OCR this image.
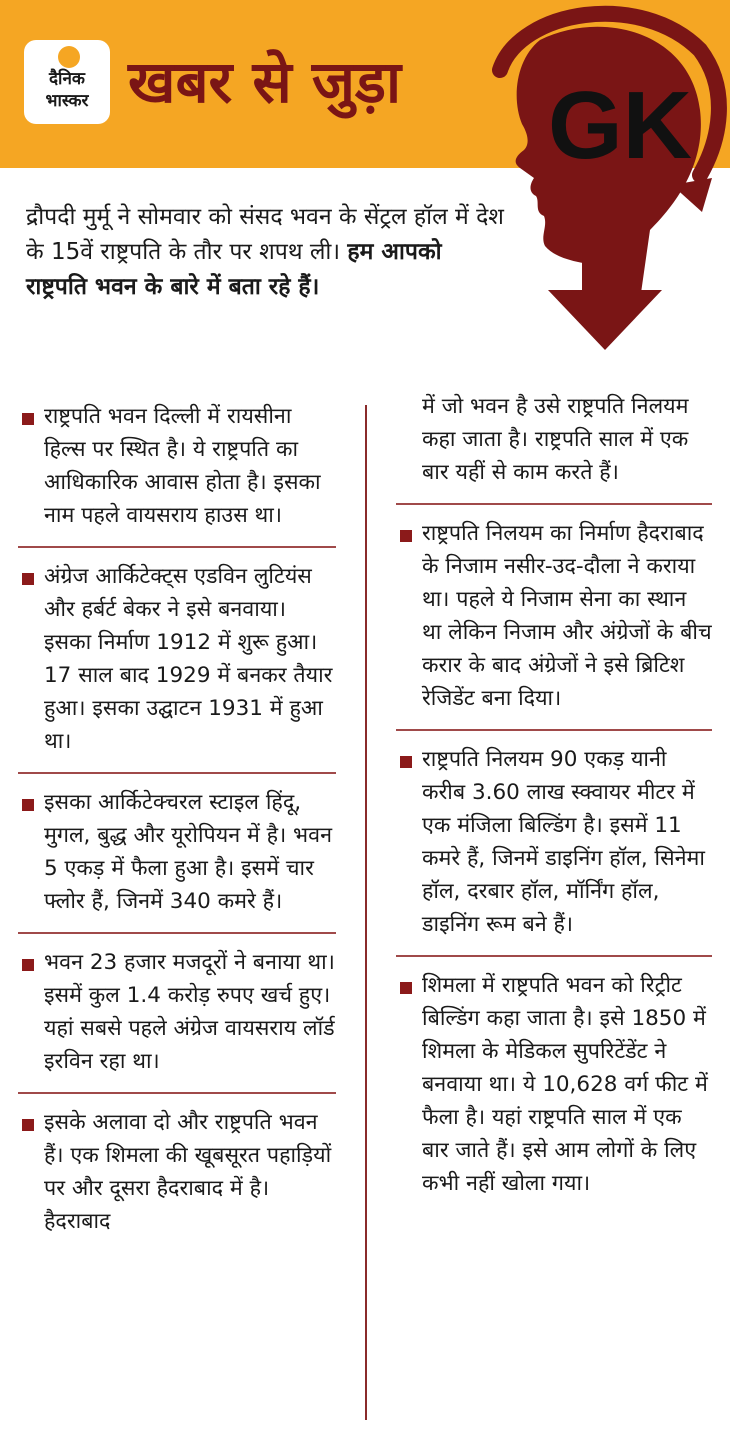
GK
दैनिक
भास्कर खबर से जुड़ा

द्रौपदी मुर्मू ने सोमवार को संसद भवन के सेंट्रल हॉल में देश के 15वें राष्ट्रपति के तौर पर शपथ ली। हम आपको राष्ट्रपति भवन के बारे में बता रहे हैं।

राष्ट्रपति भवन दिल्ली में रायसीना हिल्स पर स्थित है। ये राष्ट्रपति का आधिकारिक आवास होता है। इसका नाम पहले वायसराय हाउस था।
अंग्रेज आर्किटेक्ट्स एडविन लुटियंस और हर्बर्ट बेकर ने इसे बनवाया। इसका निर्माण 1912 में शुरू हुआ। 17 साल बाद 1929 में बनकर तैयार हुआ। इसका उद्घाटन 1931 में हुआ था।
इसका आर्किटेक्चरल स्टाइल हिंदू, मुगल, बुद्ध और यूरोपियन में है। भवन 5 एकड़ में फैला हुआ है। इसमें चार फ्लोर हैं, जिनमें 340 कमरे हैं।
भवन 23 हजार मजदूरों ने बनाया था। इसमें कुल 1.4 करोड़ रुपए खर्च हुए। यहां सबसे पहले अंग्रेज वायसराय लॉर्ड इरविन रहा था।
इसके अलावा दो और राष्ट्रपति भवन हैं। एक शिमला की खूबसूरत पहाड़ियों पर और दूसरा हैदराबाद में है। हैदराबाद
में जो भवन है उसे राष्ट्रपति निलयम कहा जाता है। राष्ट्रपति साल में एक बार यहीं से काम करते हैं।
राष्ट्रपति निलयम का निर्माण हैदराबाद के निजाम नसीर-उद-दौला ने कराया था। पहले ये निजाम सेना का स्थान था लेकिन निजाम और अंग्रेजों के बीच करार के बाद अंग्रेजों ने इसे ब्रिटिश रेजिडेंट बना दिया।
राष्ट्रपति निलयम 90 एकड़ यानी करीब 3.60 लाख स्क्वायर मीटर में एक मंजिला बिल्डिंग है। इसमें 11 कमरे हैं, जिनमें डाइनिंग हॉल, सिनेमा हॉल, दरबार हॉल, मॉर्निंग हॉल, डाइनिंग रूम बने हैं।
शिमला में राष्ट्रपति भवन को रिट्रीट बिल्डिंग कहा जाता है। इसे 1850 में शिमला के मेडिकल सुपरिटेंडेंट ने बनवाया था। ये 10,628 वर्ग फीट में फैला है। यहां राष्ट्रपति साल में एक बार जाते हैं। इसे आम लोगों के लिए कभी नहीं खोला गया।
